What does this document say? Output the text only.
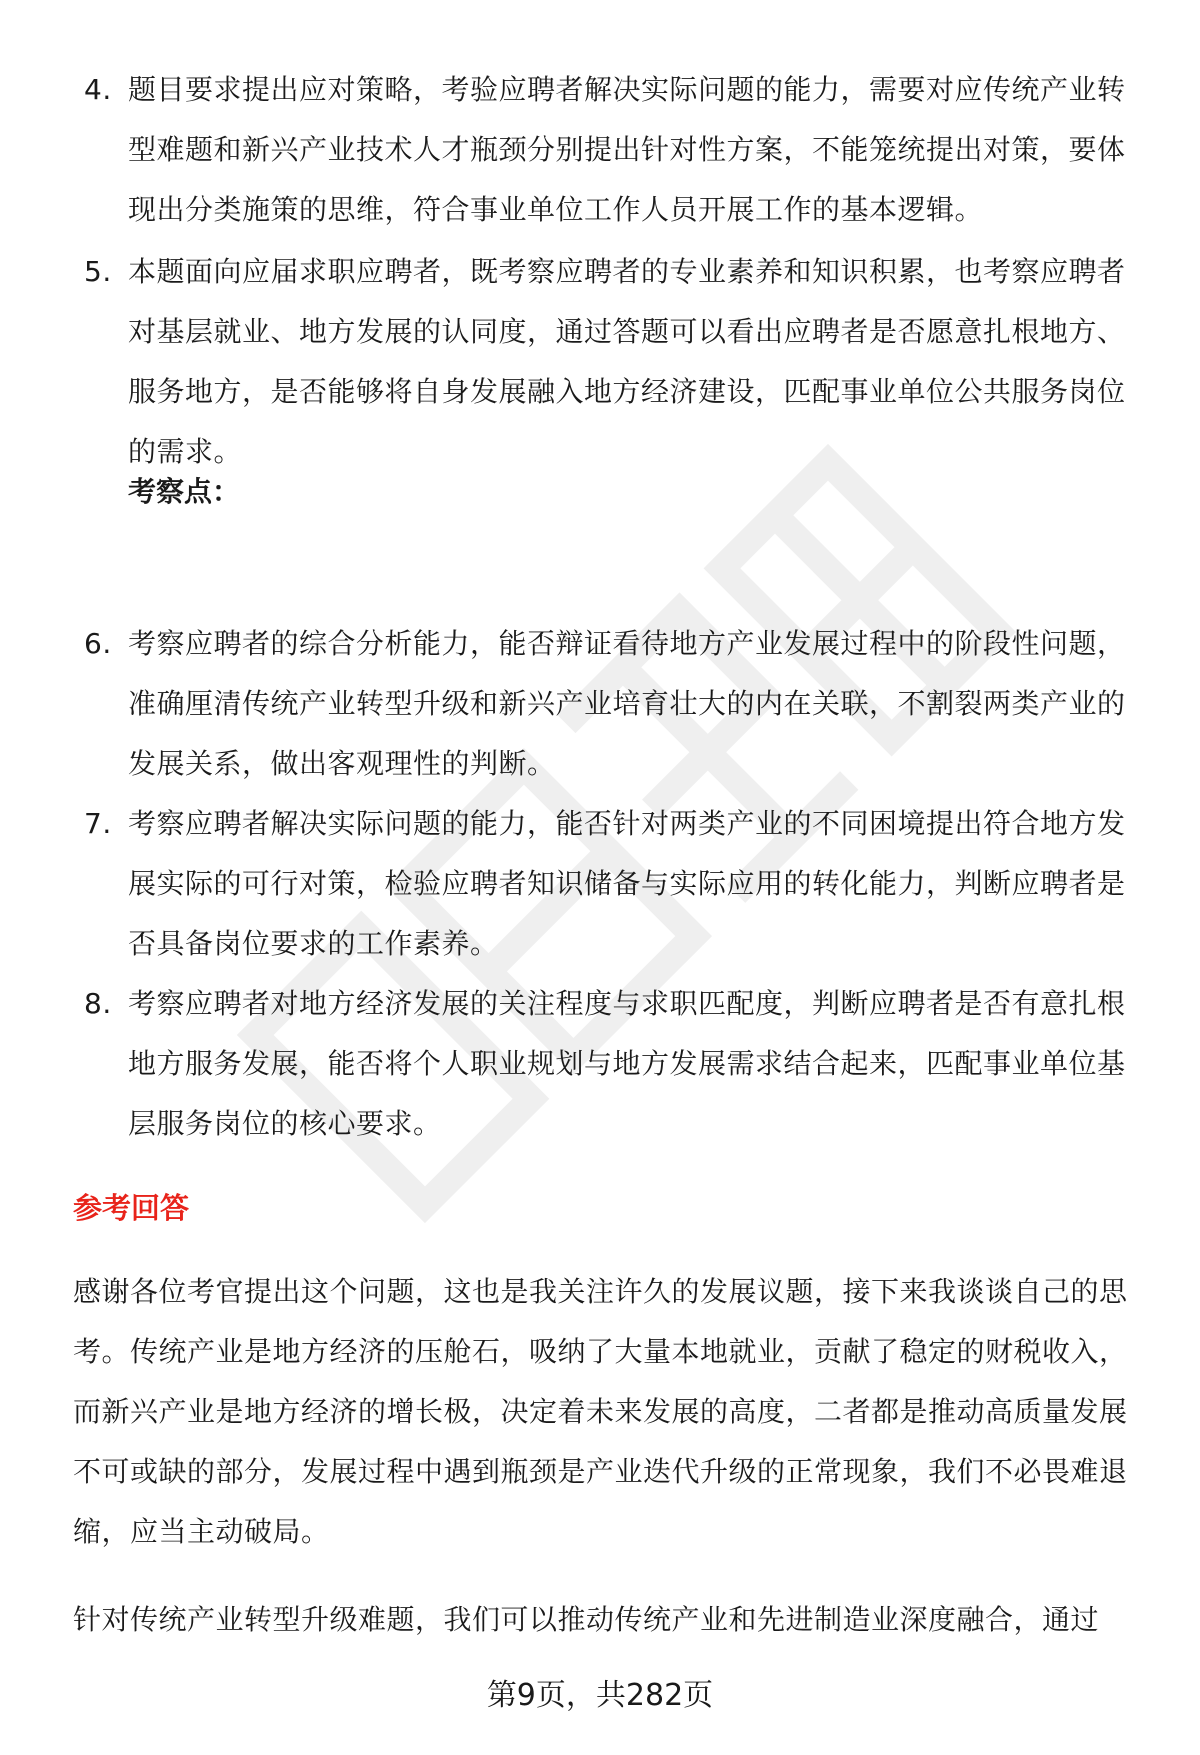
4. 题目要求提出应对策略，考验应聘者解决实际问题的能力，需要对应传统产业转型难题和新兴产业技术人才瓶颈分别提出针对性方案，不能笼统提出对策，要体现出分类施策的思维，符合事业单位工作人员开展工作的基本逻辑。
5. 本题面向应届求职应聘者，既考察应聘者的专业素养和知识积累，也考察应聘者对基层就业、地方发展的认同度，通过答题可以看出应聘者是否愿意扎根地方、服务地方，是否能够将自身发展融入地方经济建设，匹配事业单位公共服务岗位的需求。
考察点：
6. 考察应聘者的综合分析能力，能否辩证看待地方产业发展过程中的阶段性问题，准确厘清传统产业转型升级和新兴产业培育壮大的内在关联，不割裂两类产业的发展关系，做出客观理性的判断。
7. 考察应聘者解决实际问题的能力，能否针对两类产业的不同困境提出符合地方发展实际的可行对策，检验应聘者知识储备与实际应用的转化能力，判断应聘者是否具备岗位要求的工作素养。
8. 考察应聘者对地方经济发展的关注程度与求职匹配度，判断应聘者是否有意扎根地方服务发展，能否将个人职业规划与地方发展需求结合起来，匹配事业单位基层服务岗位的核心要求。
参考回答
感谢各位考官提出这个问题，这也是我关注许久的发展议题，接下来我谈谈自己的思考。传统产业是地方经济的压舱石，吸纳了大量本地就业，贡献了稳定的财税收入，而新兴产业是地方经济的增长极，决定着未来发展的高度，二者都是推动高质量发展不可或缺的部分，发展过程中遇到瓶颈是产业迭代升级的正常现象，我们不必畏难退缩，应当主动破局。
针对传统产业转型升级难题，我们可以推动传统产业和先进制造业深度融合，通过
第9页，共282页
